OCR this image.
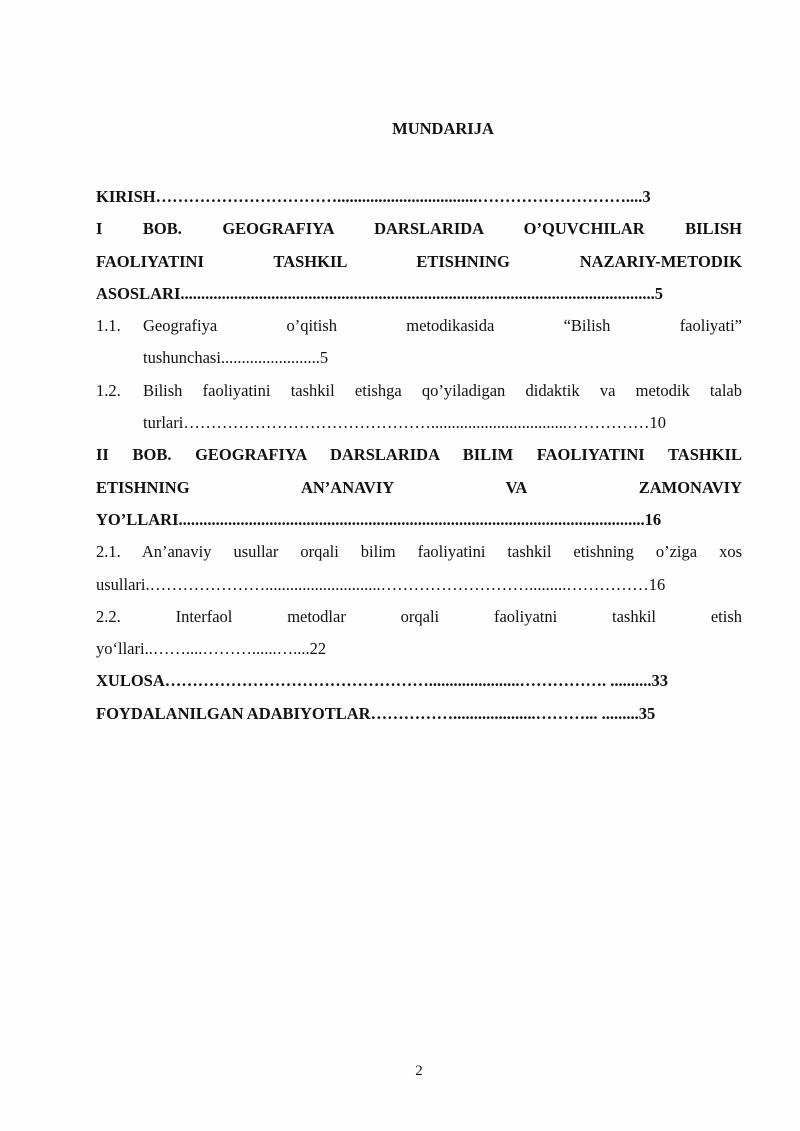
MUNDARIJA
KIRISH……………………………..................................………………………....3
I BOB. GEOGRAFIYA DARSLARIDA O’QUVCHILAR BILISH
FAOLIYATINI TASHKIL ETISHNING NAZARIY-METODIK
ASOSLARI...................................................................................................................5
1.1.	Geografiya o’qitish metodikasida “Bilish faoliyati”
tushunchasi........................5
1.2.	Bilish faoliyatini tashkil etishga qo’yiladigan didaktik va metodik talab
turlari……………………………………….................................……………10
II BOB. GEOGRAFIYA DARSLARIDA BILIM FAOLIYATINI TASHKIL
ETISHNING AN’ANAVIY VA ZAMONAVIY
YO’LLARI.................................................................................................................16
2.1. An’anaviy usullar orqali bilim faoliyatini tashkil etishning o’ziga xos
usullari.…………………............................……………………….........……………16
2.2. Interfaol metodlar orqali faoliyatni tashkil etish
yo‘llari..……....………......…....22
XULOSA…………………………………………......................……………. ..........33
FOYDALANILGAN ADABIYOTLAR……………....................………... .........35
2
